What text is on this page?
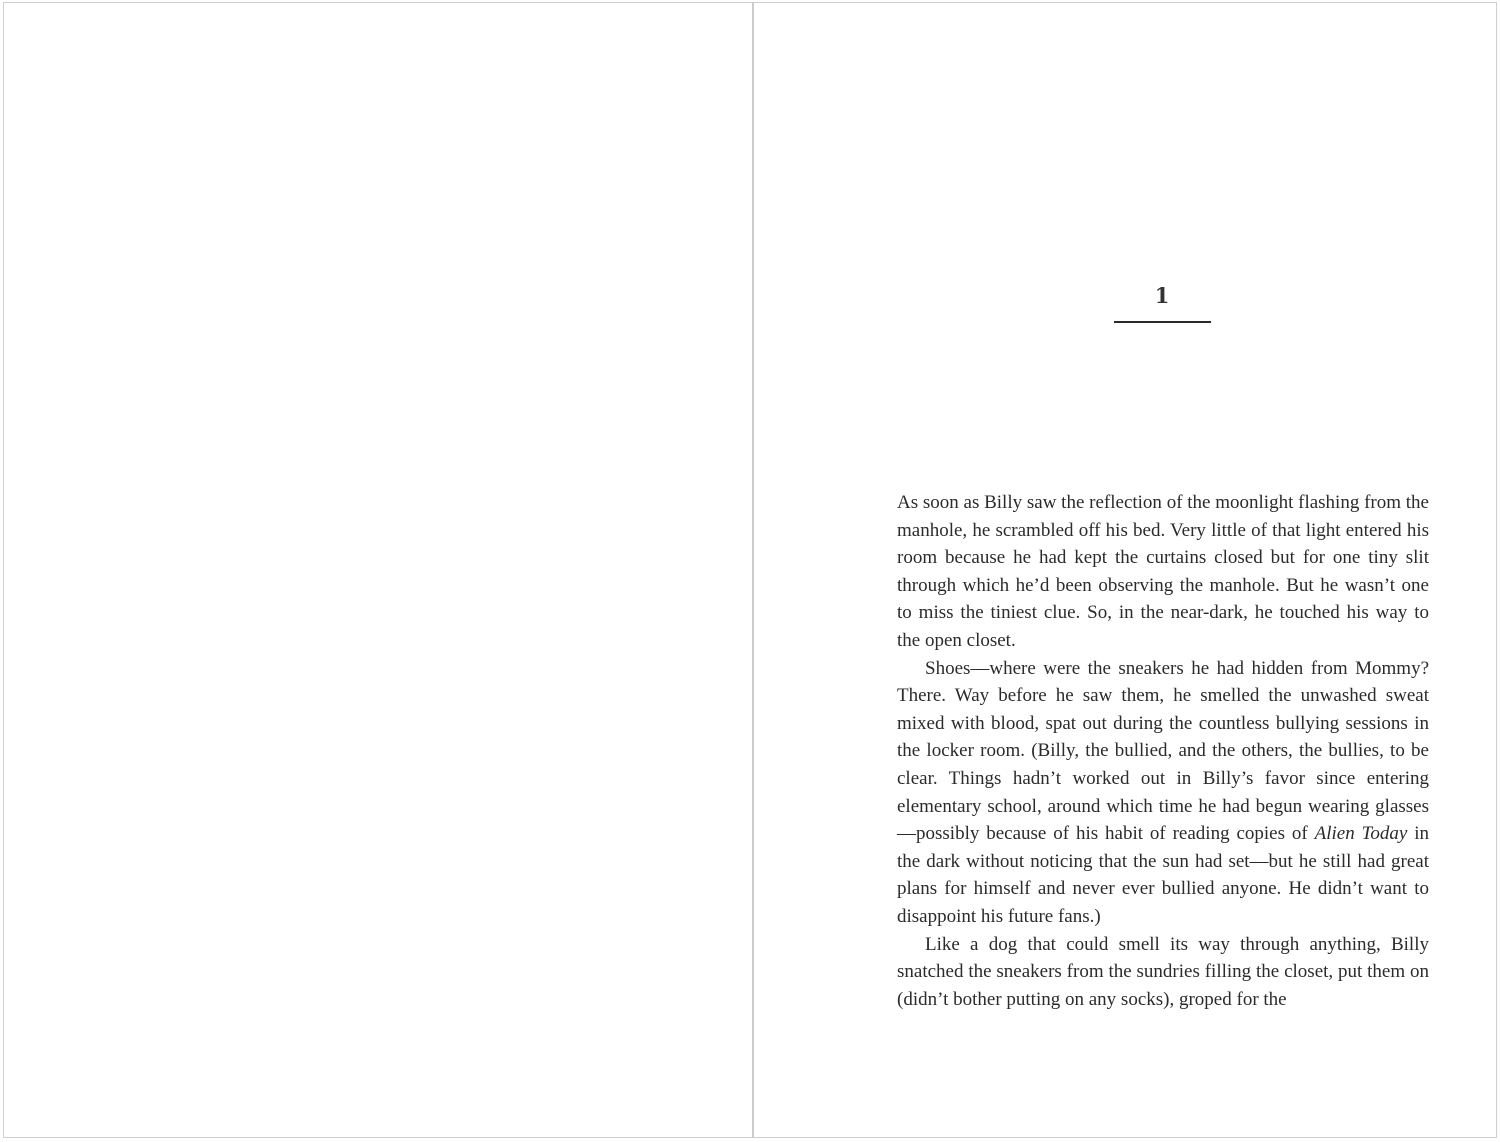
1

As soon as Billy saw the reflection of the moonlight flashing from the manhole, he scrambled off his bed. Very little of that light entered his room because he had kept the curtains closed but for one tiny slit through which he’d been observing the manhole. But he wasn’t one to miss the tiniest clue. So, in the near-dark, he touched his way to the open closet.

Shoes—where were the sneakers he had hidden from Mommy? There. Way before he saw them, he smelled the unwashed sweat mixed with blood, spat out during the countless bullying sessions in the locker room. (Billy, the bullied, and the others, the bullies, to be clear. Things hadn’t worked out in Billy’s favor since entering elementary school, around which time he had begun wearing glasses—possibly because of his habit of reading copies of Alien Today in the dark without noticing that the sun had set—but he still had great plans for himself and never ever bullied anyone. He didn’t want to disappoint his future fans.)

Like a dog that could smell its way through anything, Billy snatched the sneakers from the sundries filling the closet, put them on (didn’t bother putting on any socks), groped for the
